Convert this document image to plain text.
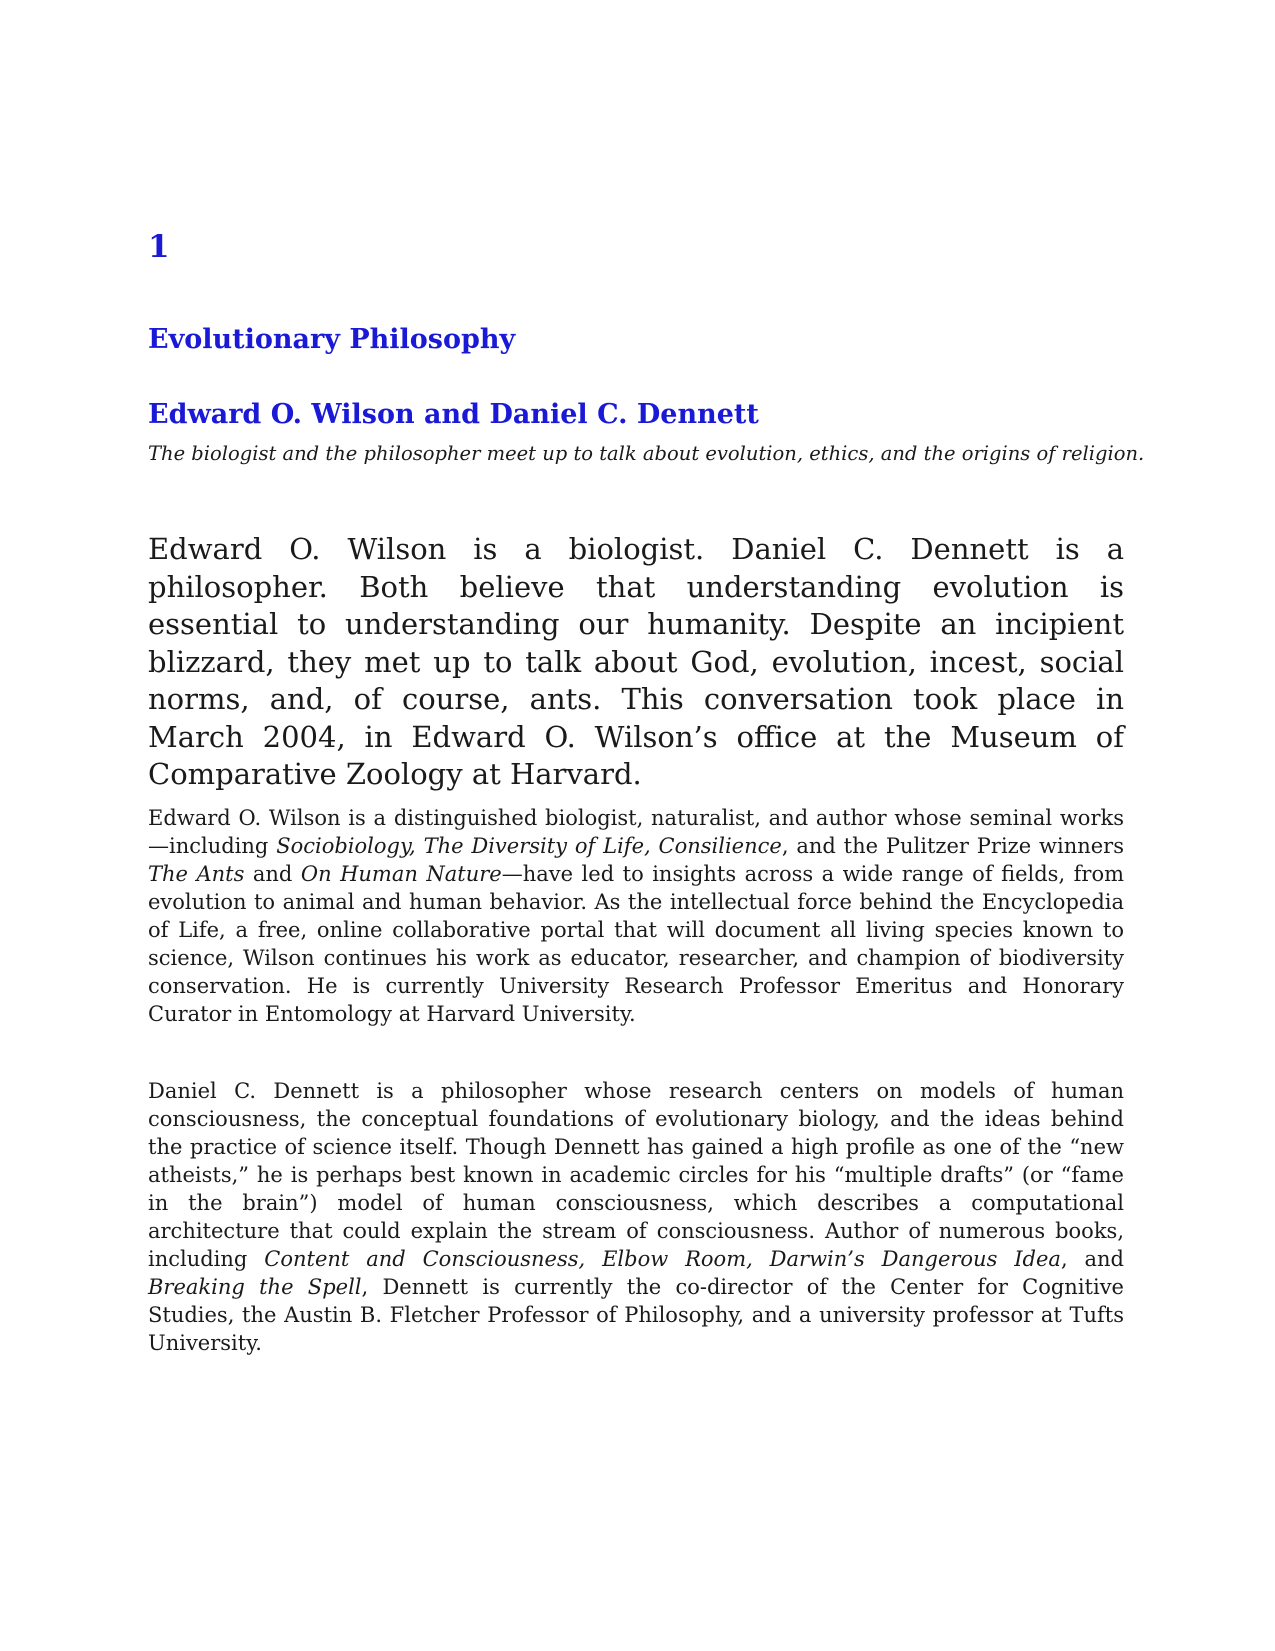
1
Evolutionary Philosophy
Edward O. Wilson and Daniel C. Dennett
The biologist and the philosopher meet up to talk about evolution, ethics, and the origins of religion.

Edward O. Wilson is a biologist. Daniel C. Dennett is a philosopher. Both believe that understanding evolution is essential to understanding our humanity. Despite an incipient blizzard, they met up to talk about God, evolution, incest, social norms, and, of course, ants. This conversation took place in March 2004, in Edward O. Wilson’s office at the Museum of Comparative Zoology at Harvard.

Edward O. Wilson is a distinguished biologist, naturalist, and author whose seminal works—including Sociobiology, The Diversity of Life, Consilience, and the Pulitzer Prize winners The Ants and On Human Nature—have led to insights across a wide range of fields, from evolution to animal and human behavior. As the intellectual force behind the Encyclopedia of Life, a free, online collaborative portal that will document all living species known to science, Wilson continues his work as educator, researcher, and champion of biodiversity conservation. He is currently University Research Professor Emeritus and Honorary Curator in Entomology at Harvard University.

Daniel C. Dennett is a philosopher whose research centers on models of human consciousness, the conceptual foundations of evolutionary biology, and the ideas behind the practice of science itself. Though Dennett has gained a high profile as one of the “new atheists,” he is perhaps best known in academic circles for his “multiple drafts” (or “fame in the brain”) model of human consciousness, which describes a computational architecture that could explain the stream of consciousness. Author of numerous books, including Content and Consciousness, Elbow Room, Darwin’s Dangerous Idea, and Breaking the Spell, Dennett is currently the co-director of the Center for Cognitive Studies, the Austin B. Fletcher Professor of Philosophy, and a university professor at Tufts University.
